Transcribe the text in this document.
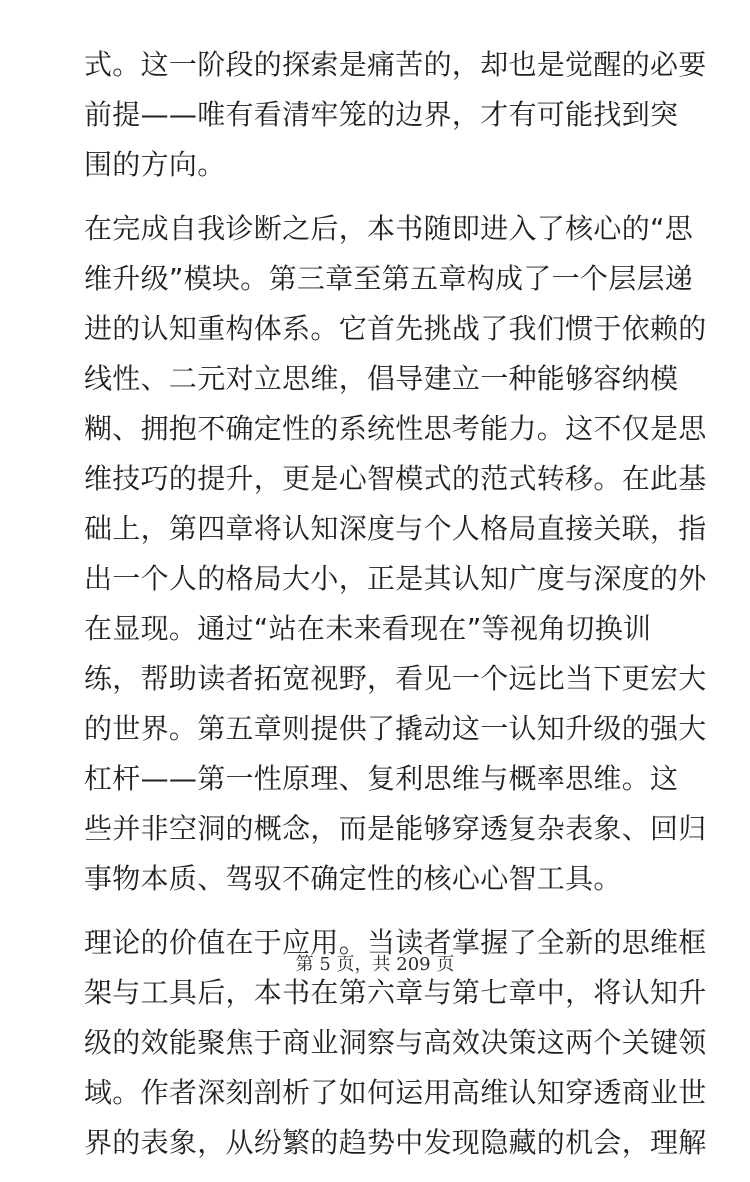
式。这一阶段的探索是痛苦的，却也是觉醒的必要
前提——唯有看清牢笼的边界，才有可能找到突
围的方向。
在完成自我诊断之后，本书随即进入了核心的“思
维升级”模块。第三章至第五章构成了一个层层递
进的认知重构体系。它首先挑战了我们惯于依赖的
线性、二元对立思维，倡导建立一种能够容纳模
糊、拥抱不确定性的系统性思考能力。这不仅是思
维技巧的提升，更是心智模式的范式转移。在此基
础上，第四章将认知深度与个人格局直接关联，指
出一个人的格局大小，正是其认知广度与深度的外
在显现。通过“站在未来看现在”等视角切换训
练，帮助读者拓宽视野，看见一个远比当下更宏大
的世界。第五章则提供了撬动这一认知升级的强大
杠杆——第一性原理、复利思维与概率思维。这
些并非空洞的概念，而是能够穿透复杂表象、回归
事物本质、驾驭不确定性的核心心智工具。
理论的价值在于应用。当读者掌握了全新的思维框
架与工具后，本书在第六章与第七章中，将认知升
级的效能聚焦于商业洞察与高效决策这两个关键领
域。作者深刻剖析了如何运用高维认知穿透商业世
界的表象，从纷繁的趋势中发现隐藏的机会，理解
第 5 页，共 209 页
